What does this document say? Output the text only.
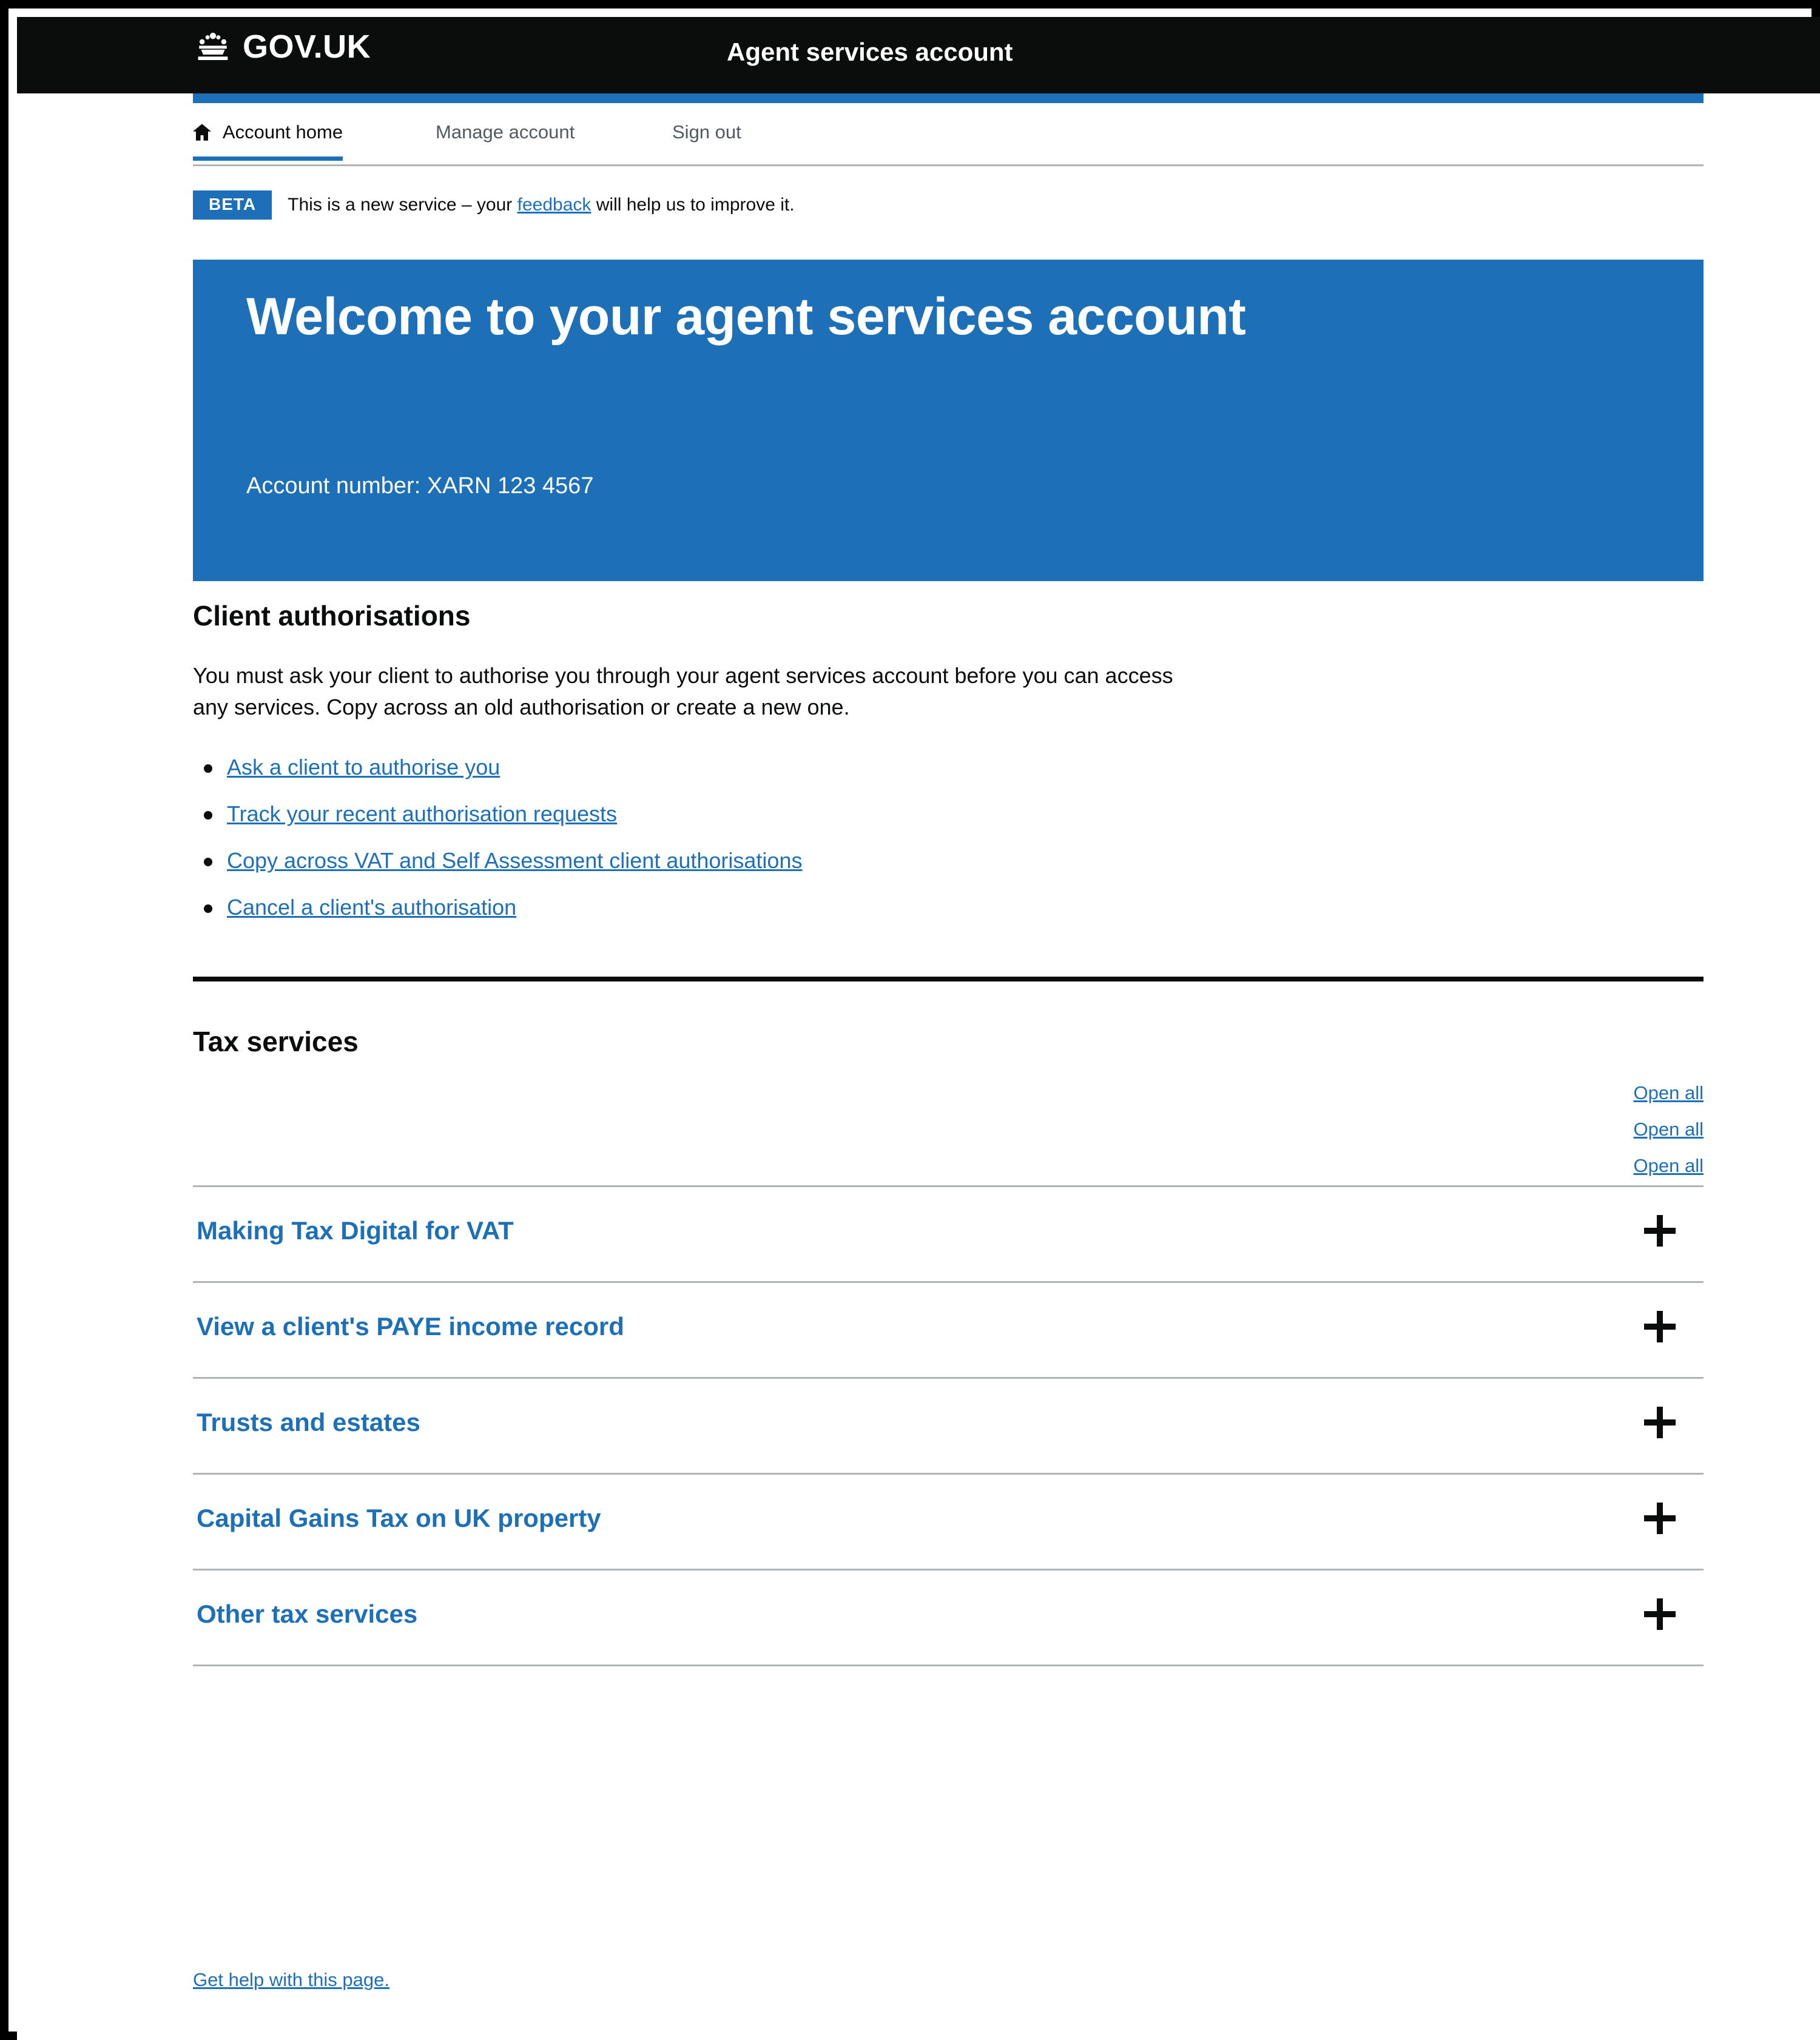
GOV.UK	Agent services account
Account home	Manage account	Sign out
BETA	This is a new service – your feedback will help us to improve it.
Welcome to your agent services account
Account number: XARN 123 4567
Client authorisations

You must ask your client to authorise you through your agent services account before you can access any services. Copy across an old authorisation or create a new one.

Ask a client to authorise you
Track your recent authorisation requests
Copy across VAT and Self Assessment client authorisations
Cancel a client's authorisation
Tax services
Open all
Open all
Open all
Making Tax Digital for VAT
View a client's PAYE income record
Trusts and estates
Capital Gains Tax on UK property
Other tax services
Get help with this page.
